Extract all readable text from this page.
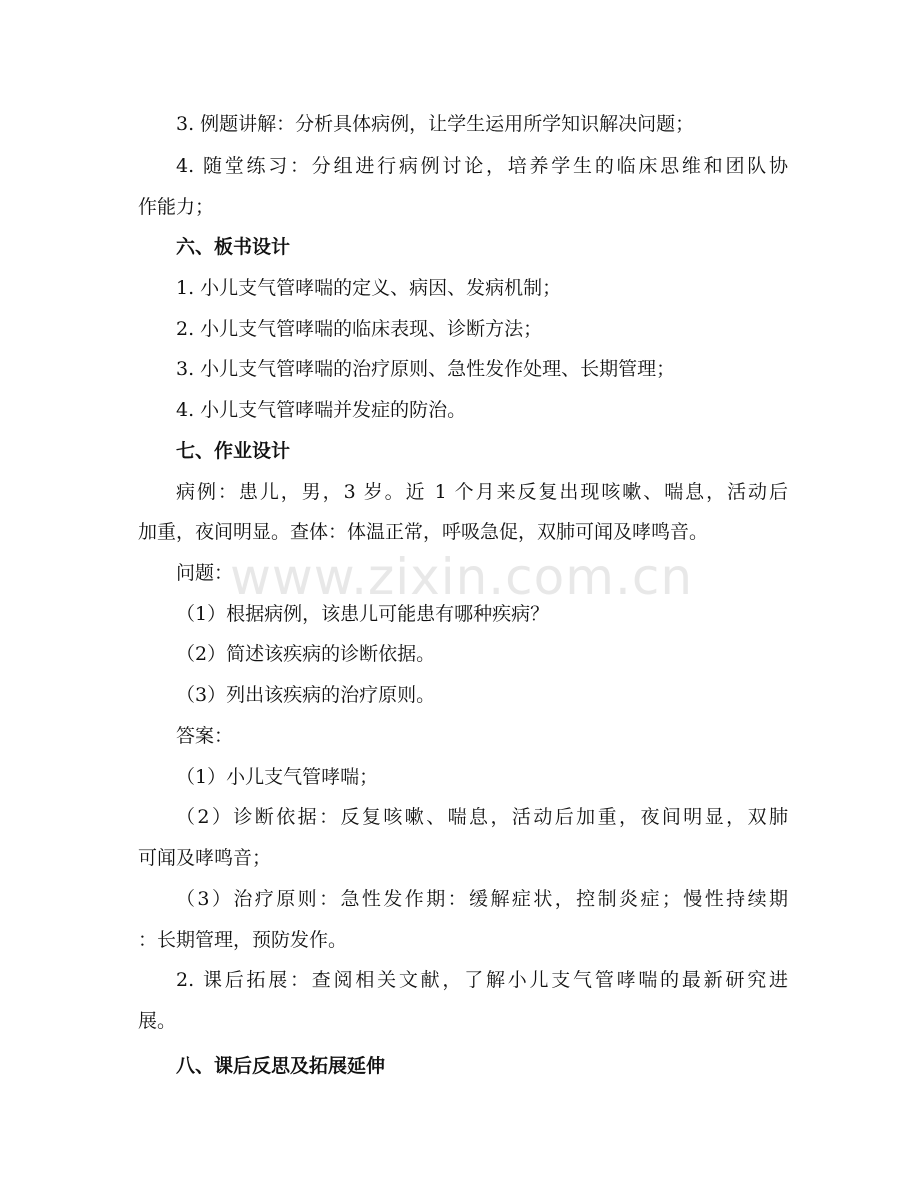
3. 例题讲解：分析具体病例，让学生运用所学知识解决问题；
4. 随堂练习：分组进行病例讨论，培养学生的临床思维和团队协
作能力；
六、板书设计
1. 小儿支气管哮喘的定义、病因、发病机制；
2. 小儿支气管哮喘的临床表现、诊断方法；
3. 小儿支气管哮喘的治疗原则、急性发作处理、长期管理；
4. 小儿支气管哮喘并发症的防治。
七、作业设计
病例：患儿，男，3 岁。近 1 个月来反复出现咳嗽、喘息，活动后
加重，夜间明显。查体：体温正常，呼吸急促，双肺可闻及哮鸣音。
问题：
（1）根据病例，该患儿可能患有哪种疾病？
（2）简述该疾病的诊断依据。
（3）列出该疾病的治疗原则。
答案：
（1）小儿支气管哮喘；
（2）诊断依据：反复咳嗽、喘息，活动后加重，夜间明显，双肺
可闻及哮鸣音；
（3）治疗原则：急性发作期：缓解症状，控制炎症；慢性持续期
：长期管理，预防发作。
2. 课后拓展：查阅相关文献，了解小儿支气管哮喘的最新研究进
展。
八、课后反思及拓展延伸
www.zixin.com.cn
